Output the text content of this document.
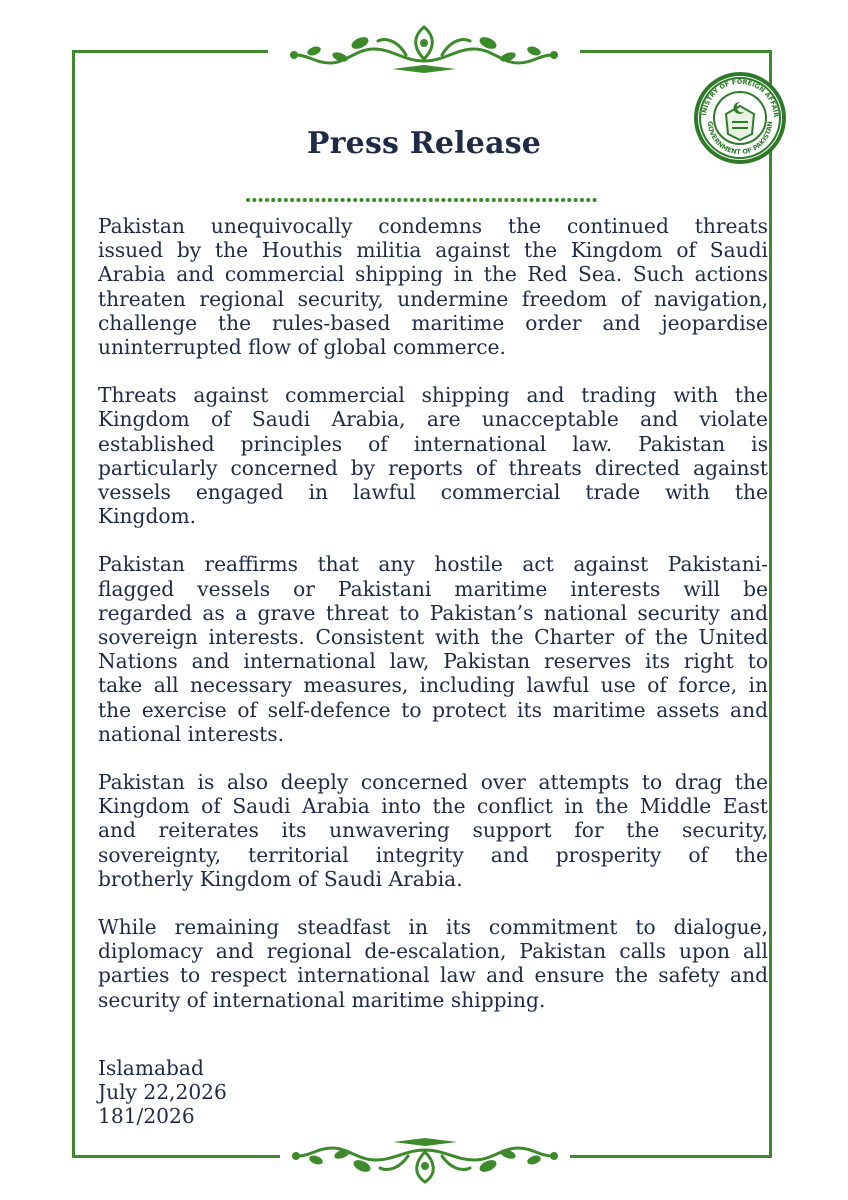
INISTRY OF FOREIGN AFFAIR
GOVERNMENT OF PAKISTAN
Press Release

Pakistan unequivocally condemns the continued threats
issued by the Houthis militia against the Kingdom of Saudi
Arabia and commercial shipping in the Red Sea. Such actions
threaten regional security, undermine freedom of navigation,
challenge the rules-based maritime order and jeopardise
uninterrupted flow of global commerce.

Threats against commercial shipping and trading with the
Kingdom of Saudi Arabia, are unacceptable and violate
established principles of international law. Pakistan is
particularly concerned by reports of threats directed against
vessels engaged in lawful commercial trade with the
Kingdom.

Pakistan reaffirms that any hostile act against Pakistani-
flagged vessels or Pakistani maritime interests will be
regarded as a grave threat to Pakistan’s national security and
sovereign interests. Consistent with the Charter of the United
Nations and international law, Pakistan reserves its right to
take all necessary measures, including lawful use of force, in
the exercise of self-defence to protect its maritime assets and
national interests.

Pakistan is also deeply concerned over attempts to drag the
Kingdom of Saudi Arabia into the conflict in the Middle East
and reiterates its unwavering support for the security,
sovereignty, territorial integrity and prosperity of the
brotherly Kingdom of Saudi Arabia.

While remaining steadfast in its commitment to dialogue,
diplomacy and regional de-escalation, Pakistan calls upon all
parties to respect international law and ensure the safety and
security of international maritime shipping.

Islamabad
July 22,2026
181/2026
